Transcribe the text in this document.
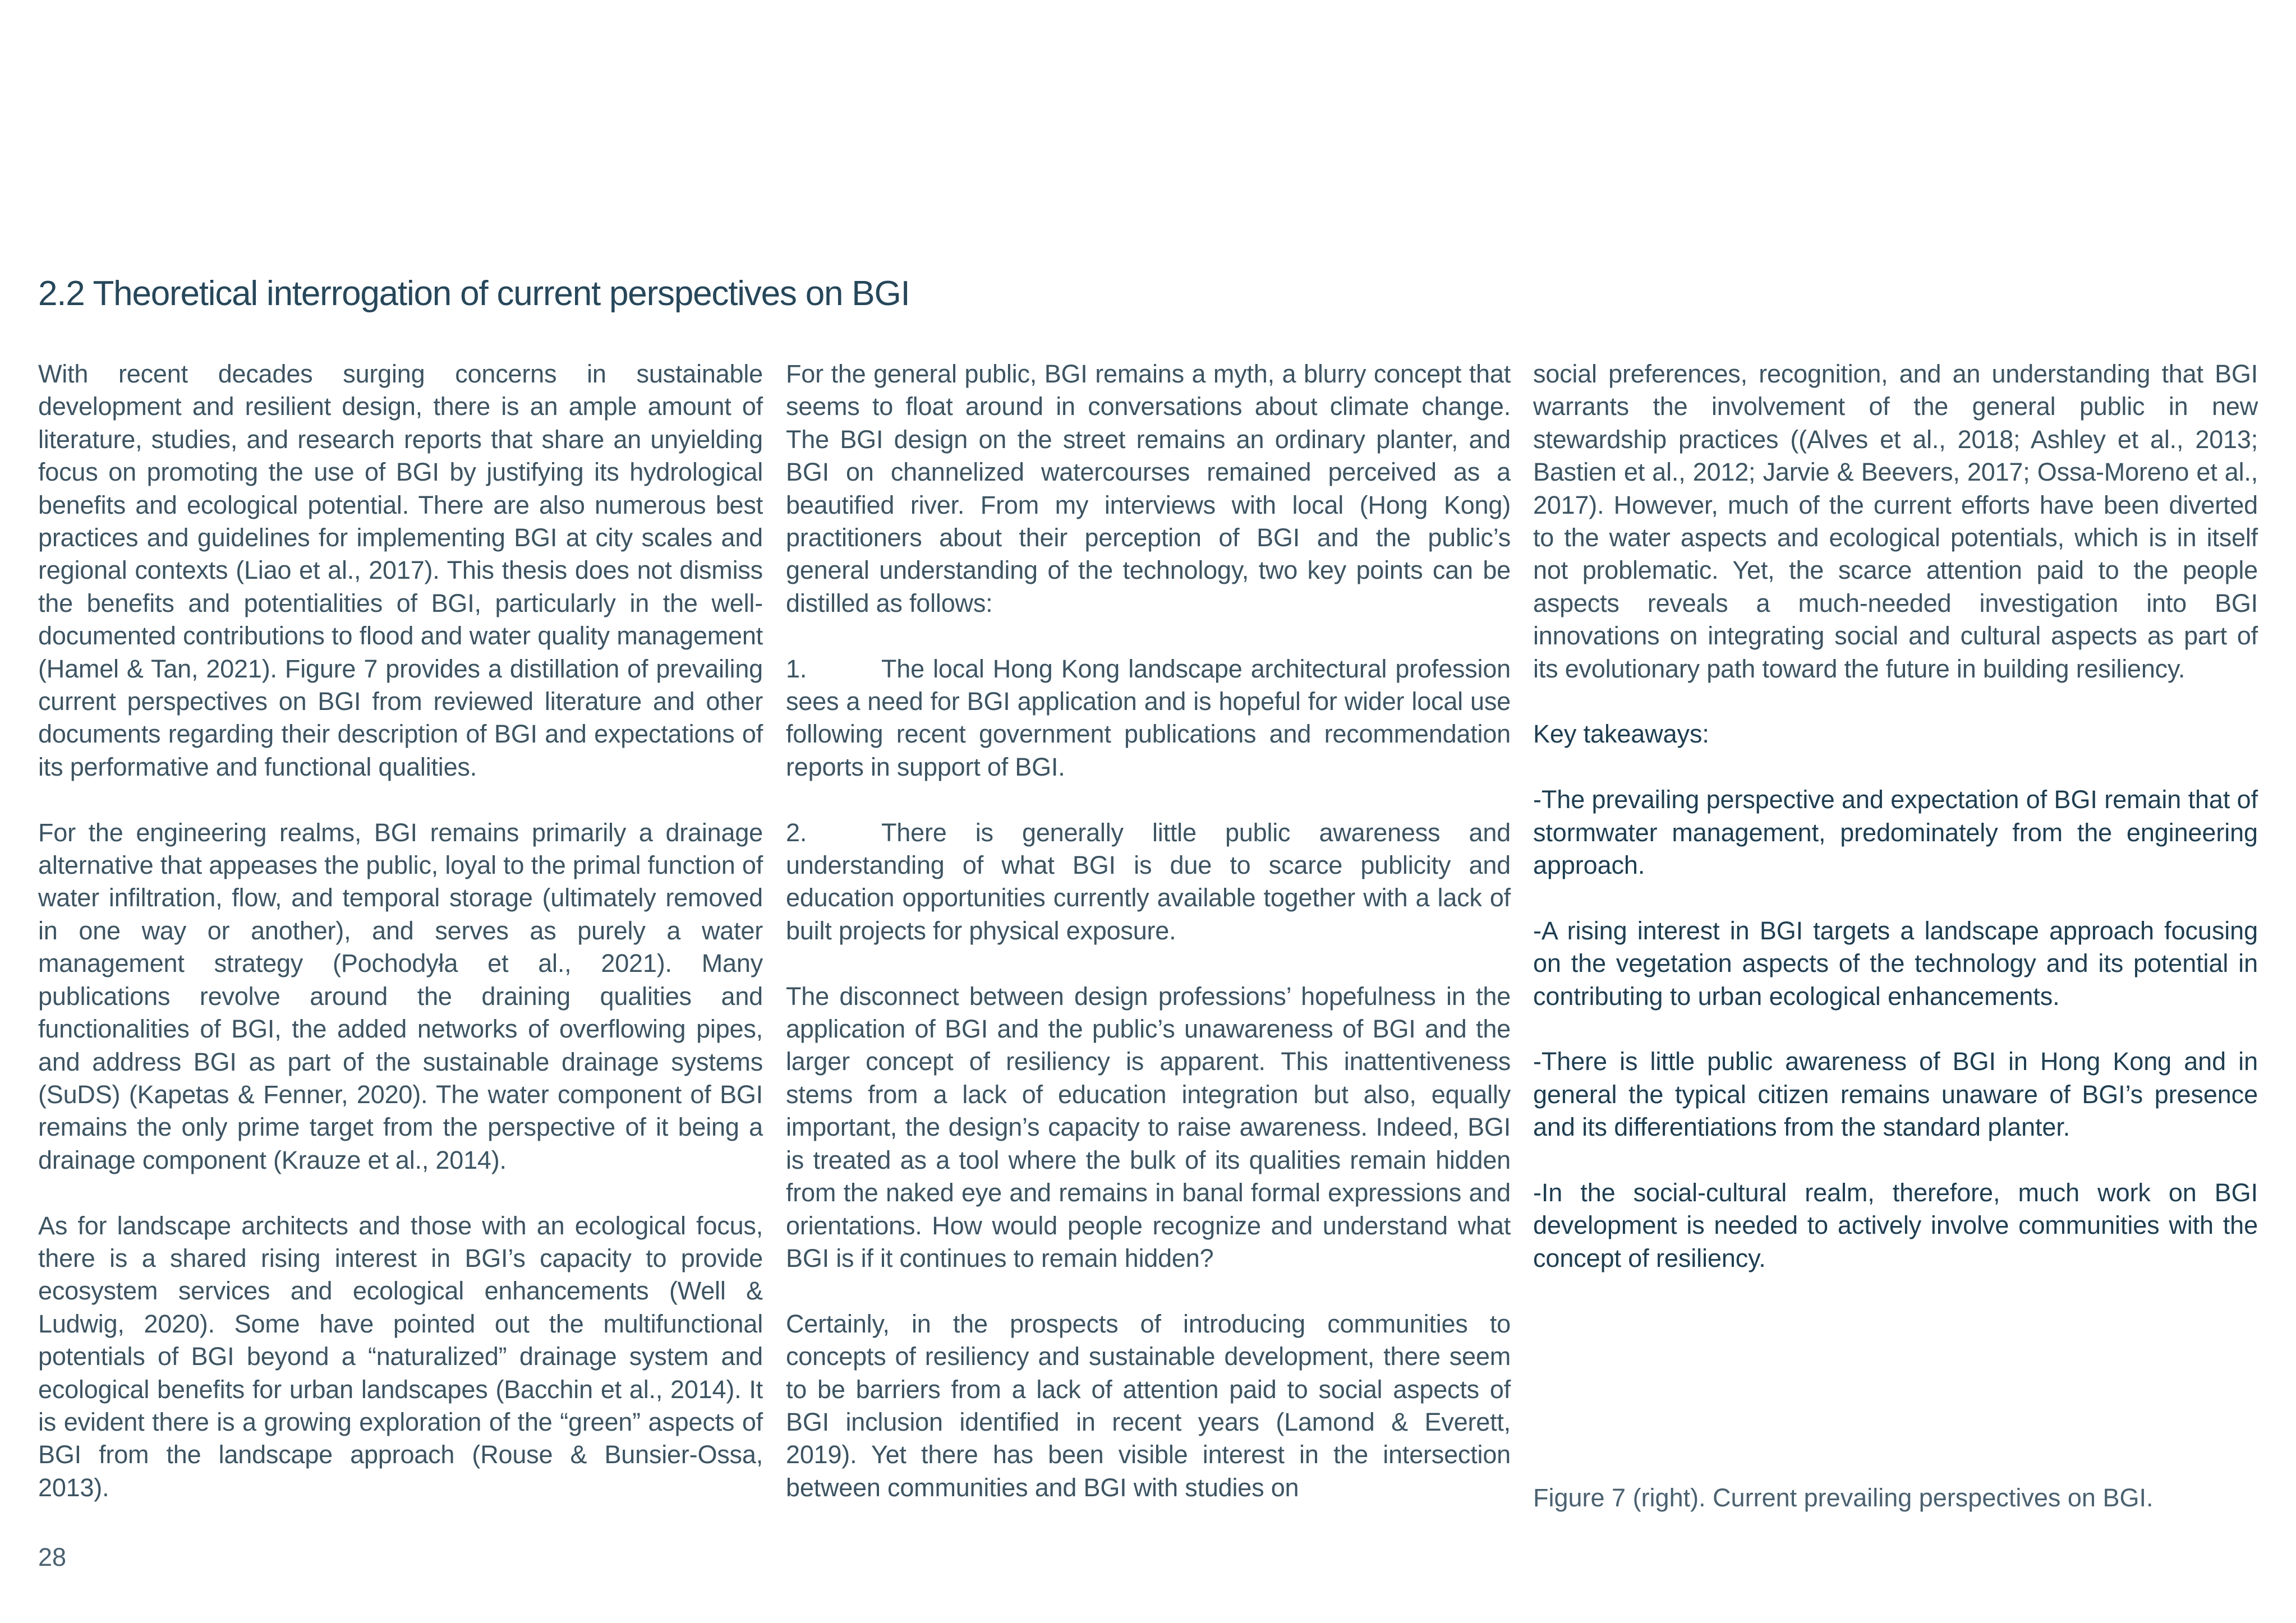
2.2 Theoretical interrogation of current perspectives on BGI

With recent decades surging concerns in sustainable development and resilient design, there is an ample amount of literature, studies, and research reports that share an unyielding focus on promoting the use of BGI by justifying its hydrological benefits and ecological potential. There are also numerous best practices and guidelines for implementing BGI at city scales and regional contexts (Liao et al., 2017). This thesis does not dismiss the benefits and potentialities of BGI, particularly in the well-documented contributions to flood and water quality management (Hamel & Tan, 2021). Figure 7 provides a distillation of prevailing current perspectives on BGI from reviewed literature and other documents regarding their description of BGI and expectations of its performative and functional qualities.

For the engineering realms, BGI remains primarily a drainage alternative that appeases the public, loyal to the primal function of water infiltration, flow, and temporal storage (ultimately removed in one way or another), and serves as purely a water management strategy (Pochodyła et al., 2021). Many publications revolve around the draining qualities and functionalities of BGI, the added networks of overflowing pipes, and address BGI as part of the sustainable drainage systems (SuDS) (Kapetas & Fenner, 2020). The water component of BGI remains the only prime target from the perspective of it being a drainage component (Krauze et al., 2014).

As for landscape architects and those with an ecological focus, there is a shared rising interest in BGI’s capacity to provide ecosystem services and ecological enhancements (Well & Ludwig, 2020). Some have pointed out the multifunctional potentials of BGI beyond a “naturalized” drainage system and ecological benefits for urban landscapes (Bacchin et al., 2014). It is evident there is a growing exploration of the “green” aspects of BGI from the landscape approach (Rouse & Bunsier-Ossa, 2013).

For the general public, BGI remains a myth, a blurry concept that seems to float around in conversations about climate change. The BGI design on the street remains an ordinary planter, and BGI on channelized watercourses remained perceived as a beautified river. From my interviews with local (Hong Kong) practitioners about their perception of BGI and the public’s general understanding of the technology, two key points can be distilled as follows:

1.	The local Hong Kong landscape architectural profession sees a need for BGI application and is hopeful for wider local use following recent government publications and recommendation reports in support of BGI.

2.	There is generally little public awareness and understanding of what BGI is due to scarce publicity and education opportunities currently available together with a lack of built projects for physical exposure.

The disconnect between design professions’ hopefulness in the application of BGI and the public’s unawareness of BGI and the larger concept of resiliency is apparent. This inattentiveness stems from a lack of education integration but also, equally important, the design’s capacity to raise awareness. Indeed, BGI is treated as a tool where the bulk of its qualities remain hidden from the naked eye and remains in banal formal expressions and orientations. How would people recognize and understand what BGI is if it continues to remain hidden?

Certainly, in the prospects of introducing communities to concepts of resiliency and sustainable development, there seem to be barriers from a lack of attention paid to social aspects of BGI inclusion identified in recent years (Lamond & Everett, 2019). Yet there has been visible interest in the intersection between communities and BGI with studies on

social preferences, recognition, and an understanding that BGI warrants the involvement of the general public in new stewardship practices ((Alves et al., 2018; Ashley et al., 2013; Bastien et al., 2012; Jarvie & Beevers, 2017; Ossa-Moreno et al., 2017). However, much of the current efforts have been diverted to the water aspects and ecological potentials, which is in itself not problematic. Yet, the scarce attention paid to the people aspects reveals a much-needed investigation into BGI innovations on integrating social and cultural aspects as part of its evolutionary path toward the future in building resiliency.

Key takeaways:

-The prevailing perspective and expectation of BGI remain that of stormwater management, predominately from the engineering approach.

-A rising interest in BGI targets a landscape approach focusing on the vegetation aspects of the technology and its potential in contributing to urban ecological enhancements.

-There is little public awareness of BGI in Hong Kong and in general the typical citizen remains unaware of BGI’s presence and its differentiations from the standard planter.

-In the social-cultural realm, therefore, much work on BGI development is needed to actively involve communities with the concept of resiliency.

Figure 7 (right). Current prevailing perspectives on BGI.

28
